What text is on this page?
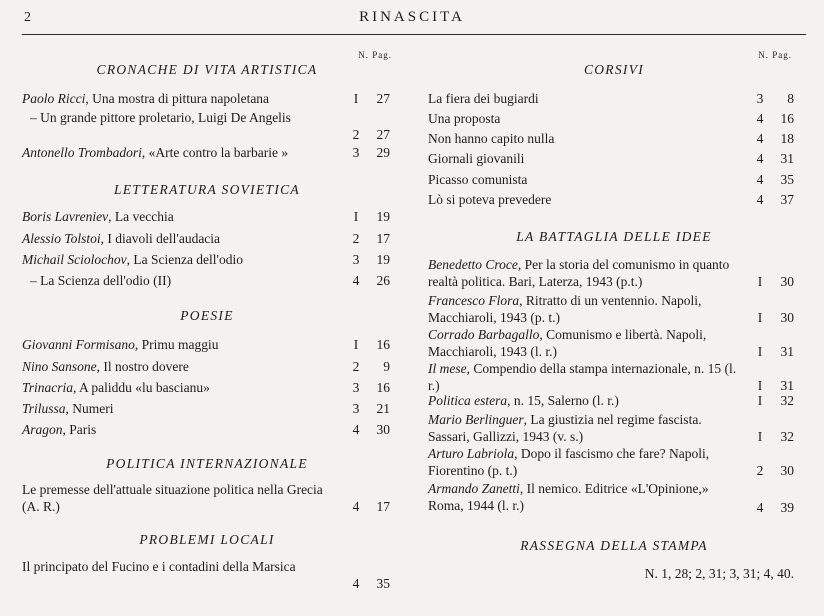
2	RINASCITA
N. Pag.
CRONACHE DI VITA ARTISTICA
Paolo Ricci, Una mostra di pittura napoletana	I	27
– Un grande pittore proletario, Luigi De Angelis
2	27
Antonello Trombadori, «Arte contro la barbarie »	3	29
LETTERATURA SOVIETICA
Boris Lavreniev, La vecchia	I	19
Alessio Tolstoi, I diavoli dell'audacia	2	17
Michail Sciolochov, La Scienza dell'odio	3	19
– La Scienza dell'odio (II)	4	26
POESIE
Giovanni Formisano, Primu maggiu	I	16
Nino Sansone, Il nostro dovere	2	9
Trinacria, A paliddu «lu bascianu»	3	16
Trilussa, Numeri	3	21
Aragon, Paris	4	30
POLITICA INTERNAZIONALE
Le premesse dell'attuale situazione politica nella Grecia (A. R.)	4	17
PROBLEMI LOCALI
Il principato del Fucino e i contadini della Marsica
4	35
N. Pag.
CORSIVI
La fiera dei bugiardi	3	8
Una proposta	4	16
Non hanno capito nulla	4	18
Giornali giovanili	4	31
Picasso comunista	4	35
Lò si poteva prevedere	4	37
LA BATTAGLIA DELLE IDEE
Benedetto Croce, Per la storia del comunismo in quanto realtà politica. Bari, Laterza, 1943 (p.t.)	I	30
Francesco Flora, Ritratto di un ventennio. Napoli, Macchiaroli, 1943 (p. t.)	I	30
Corrado Barbagallo, Comunismo e libertà. Napoli, Macchiaroli, 1943 (l. r.)	I	31
Il mese, Compendio della stampa internazionale, n. 15 (l. r.)	I	31
Politica estera, n. 15, Salerno (l. r.)	I	32
Mario Berlinguer, La giustizia nel regime fascista. Sassari, Gallizzi, 1943 (v. s.)	I	32
Arturo Labriola, Dopo il fascismo che fare? Napoli, Fiorentino (p. t.)	2	30
Armando Zanetti, Il nemico. Editrice «L'Opinione,» Roma, 1944 (l. r.)	4	39
RASSEGNA DELLA STAMPA
N. 1, 28; 2, 31; 3, 31; 4, 40.
